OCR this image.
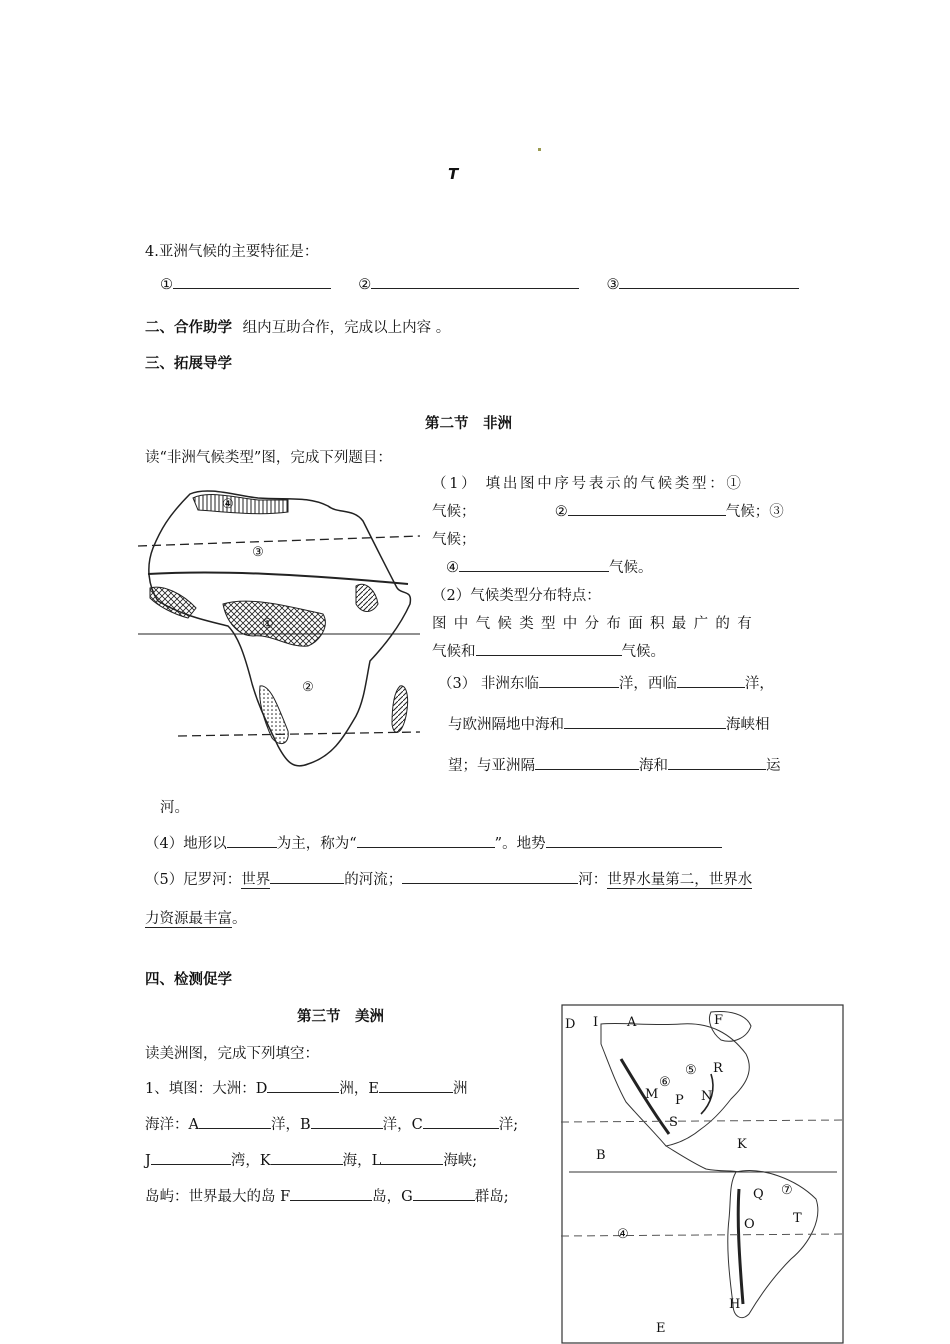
T
4.亚洲气候的主要特征是：
①	②	③
二、合作助学 组内互助合作，完成以上内容 。
三、拓展导学
第二节　非洲
读“非洲气候类型”图，完成下列题目：
④
③
①
②
（1） 填出图中序号表示的气候类型：①
气候；	②	气候；③
气候；
④	气候。
（2）气候类型分布特点：
图中气候类型中分布面积最广的有
气候和	气候。
（3） 非洲东临	洋，西临	洋，
与欧洲隔地中海和	海峡相
望；与亚洲隔	海和	运
河。
（4）地形以	为主，称为“	”。地势
（5）尼罗河：世界	的河流；	河：世界水量第二，世界水
力资源最丰富。
四、检测促学
第三节　美洲
读美洲图，完成下列填空：
1、填图：大洲：D	洲，E	洲
海洋：A	洋，B	洋，C	洋;
J	湾，K	海，L	海峡;
岛屿：世界最大的岛 F	岛，G	群岛;
D I A	F
⑤ R
⑥
M P N
S
K
B
Q ⑦
O	T
④
H
E
